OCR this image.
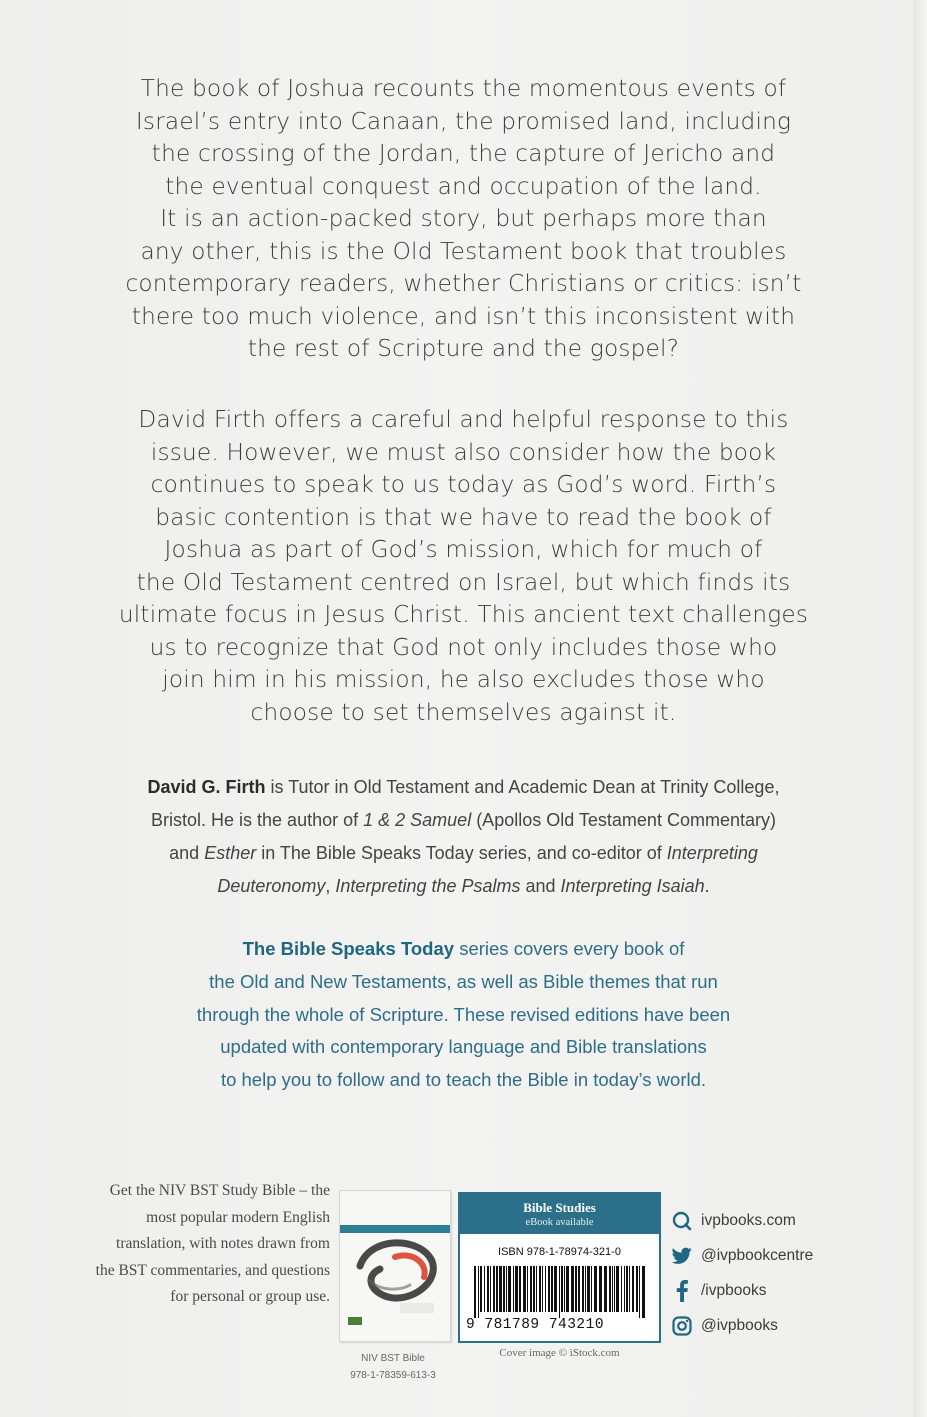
The book of Joshua recounts the momentous events of
Israel’s entry into Canaan, the promised land, including
the crossing of the Jordan, the capture of Jericho and
the eventual conquest and occupation of the land.
It is an action-packed story, but perhaps more than
any other, this is the Old Testament book that troubles
contemporary readers, whether Christians or critics: isn’t
there too much violence, and isn’t this inconsistent with
the rest of Scripture and the gospel?

David Firth offers a careful and helpful response to this
issue. However, we must also consider how the book
continues to speak to us today as God’s word. Firth’s
basic contention is that we have to read the book of
Joshua as part of God’s mission, which for much of
the Old Testament centred on Israel, but which finds its
ultimate focus in Jesus Christ. This ancient text challenges
us to recognize that God not only includes those who
join him in his mission, he also excludes those who
choose to set themselves against it.

David G. Firth is Tutor in Old Testament and Academic Dean at Trinity College,
Bristol. He is the author of 1 & 2 Samuel (Apollos Old Testament Commentary)
and Esther in The Bible Speaks Today series, and co-editor of Interpreting
Deuteronomy, Interpreting the Psalms and Interpreting Isaiah.

The Bible Speaks Today series covers every book of
the Old and New Testaments, as well as Bible themes that run
through the whole of Scripture. These revised editions have been
updated with contemporary language and Bible translations
to help you to follow and to teach the Bible in today’s world.

Get the NIV BST Study Bible – the
most popular modern English
translation, with notes drawn from
the BST commentaries, and questions
for personal or group use.

NIV BST Bible
978-1-78359-613-3

Bible Studies
eBook available
ISBN 978-1-78974-321-0
9 781789 743210

Cover image © iStock.com

ivpbooks.com
@ivpbookcentre
/ivpbooks
@ivpbooks
